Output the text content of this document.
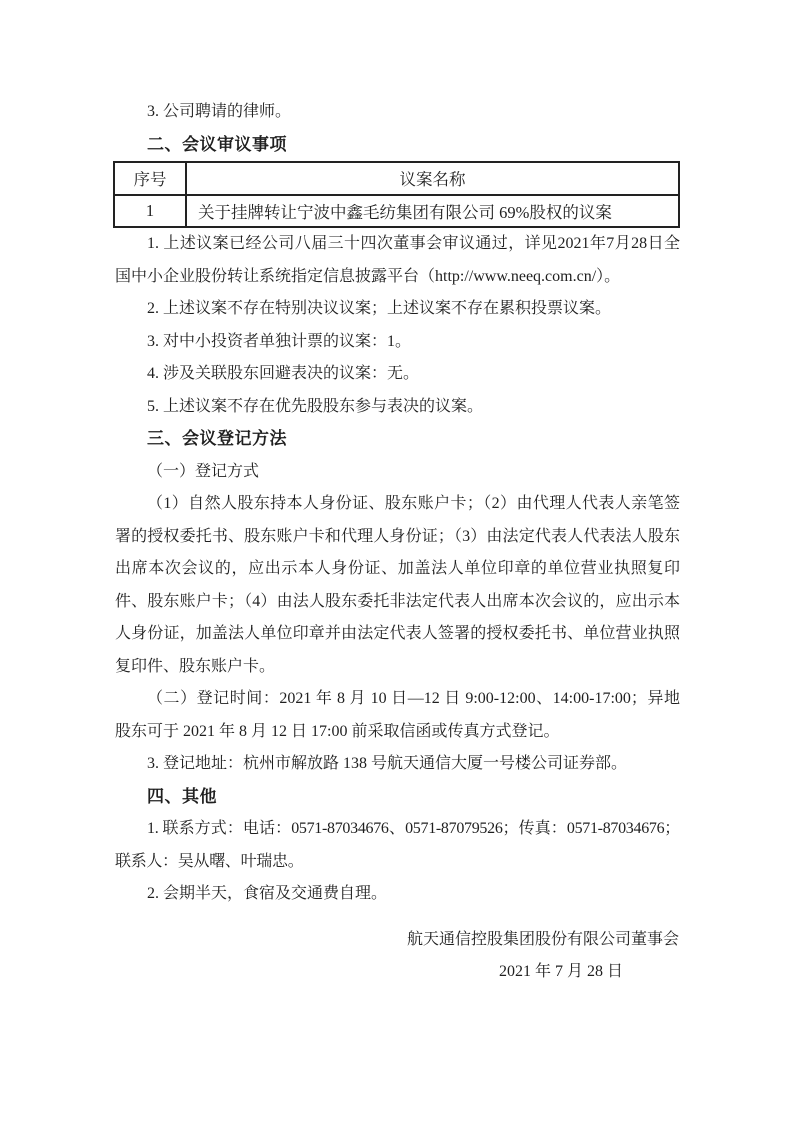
3. 公司聘请的律师。

二、会议审议事项

序号	议案名称
1	关于挂牌转让宁波中鑫毛纺集团有限公司 69%股权的议案

1. 上述议案已经公司八届三十四次董事会审议通过，详见2021年7月28日全国中小企业股份转让系统指定信息披露平台（http://www.neeq.com.cn/）。

2. 上述议案不存在特别决议议案；上述议案不存在累积投票议案。

3. 对中小投资者单独计票的议案：1。

4. 涉及关联股东回避表决的议案：无。

5. 上述议案不存在优先股股东参与表决的议案。

三、会议登记方法

（一）登记方式

（1）自然人股东持本人身份证、股东账户卡；（2）由代理人代表人亲笔签署的授权委托书、股东账户卡和代理人身份证；（3）由法定代表人代表法人股东出席本次会议的，应出示本人身份证、加盖法人单位印章的单位营业执照复印件、股东账户卡；（4）由法人股东委托非法定代表人出席本次会议的，应出示本人身份证，加盖法人单位印章并由法定代表人签署的授权委托书、单位营业执照复印件、股东账户卡。

（二）登记时间：2021 年 8 月 10 日—12 日 9:00-12:00、14:00-17:00；异地股东可于 2021 年 8 月 12 日 17:00 前采取信函或传真方式登记。

3. 登记地址：杭州市解放路 138 号航天通信大厦一号楼公司证券部。

四、其他

1. 联系方式：电话：0571-87034676、0571-87079526；传真：0571-87034676；联系人：吴从曙、叶瑞忠。

2. 会期半天，食宿及交通费自理。

航天通信控股集团股份有限公司董事会

2021 年 7 月 28 日
